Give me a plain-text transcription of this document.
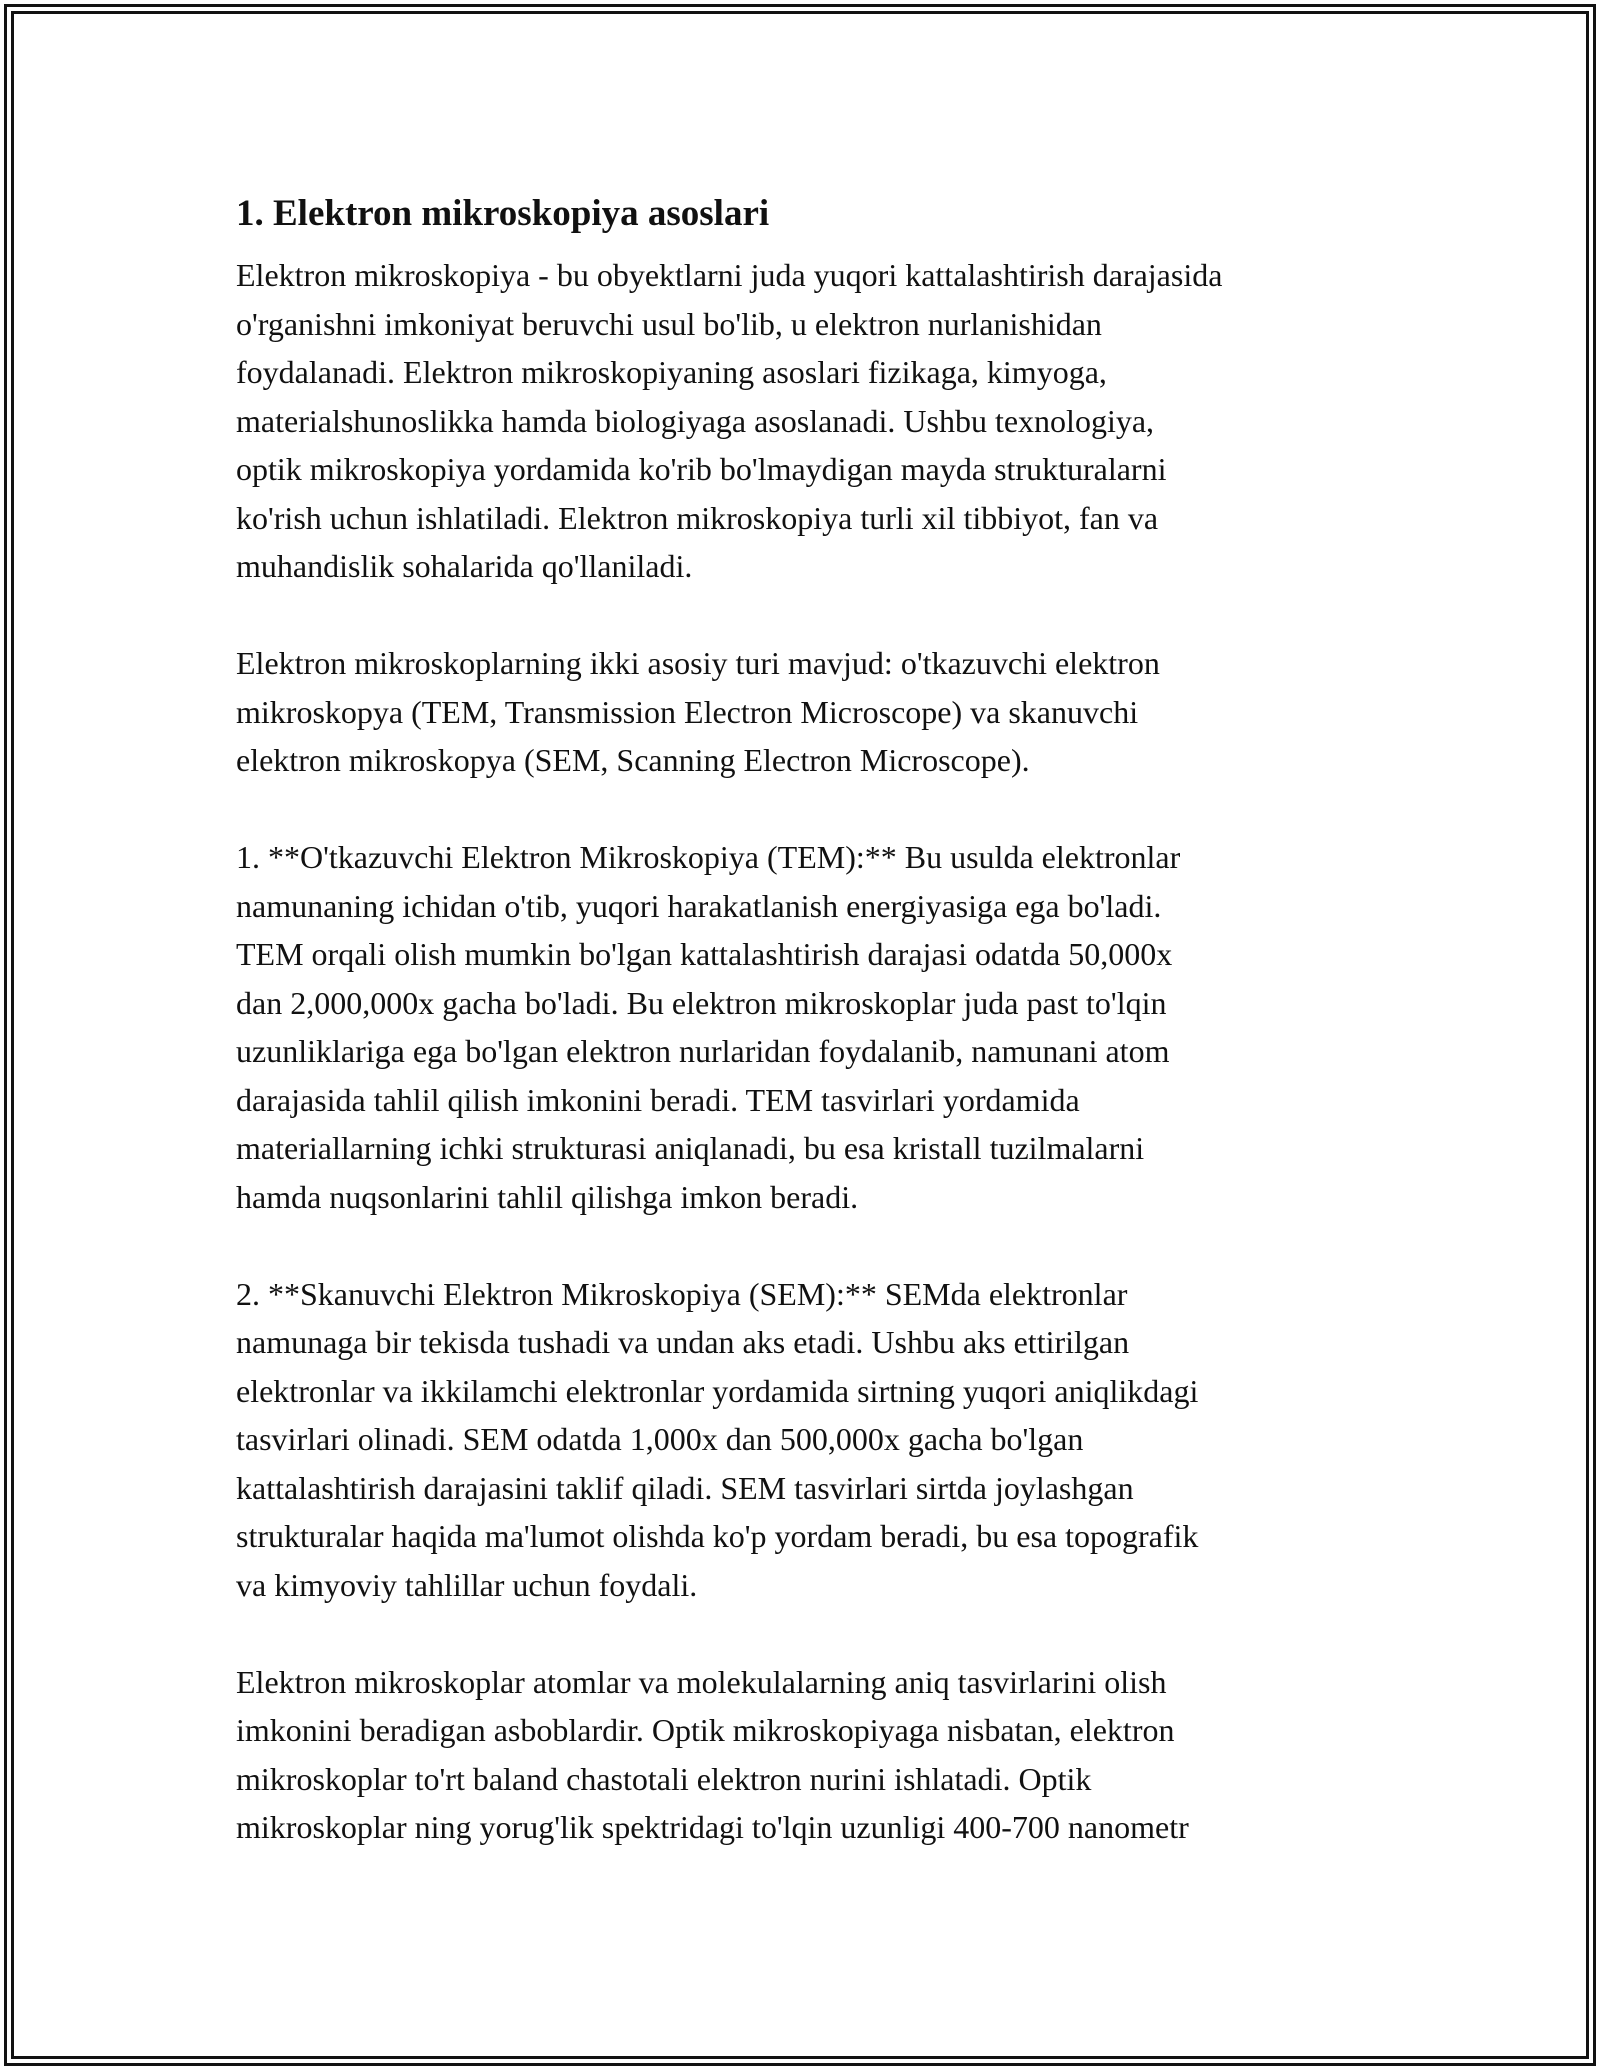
1. Elektron mikroskopiya asoslari

Elektron mikroskopiya - bu obyektlarni juda yuqori kattalashtirish darajasida
o'rganishni imkoniyat beruvchi usul bo'lib, u elektron nurlanishidan
foydalanadi. Elektron mikroskopiyaning asoslari fizikaga, kimyoga,
materialshunoslikka hamda biologiyaga asoslanadi. Ushbu texnologiya,
optik mikroskopiya yordamida ko'rib bo'lmaydigan mayda strukturalarni
ko'rish uchun ishlatiladi. Elektron mikroskopiya turli xil tibbiyot, fan va
muhandislik sohalarida qo'llaniladi.

Elektron mikroskoplarning ikki asosiy turi mavjud: o'tkazuvchi elektron
mikroskopya (TEM, Transmission Electron Microscope) va skanuvchi
elektron mikroskopya (SEM, Scanning Electron Microscope).

1. **O'tkazuvchi Elektron Mikroskopiya (TEM):** Bu usulda elektronlar
namunaning ichidan o'tib, yuqori harakatlanish energiyasiga ega bo'ladi.
TEM orqali olish mumkin bo'lgan kattalashtirish darajasi odatda 50,000x
dan 2,000,000x gacha bo'ladi. Bu elektron mikroskoplar juda past to'lqin
uzunliklariga ega bo'lgan elektron nurlaridan foydalanib, namunani atom
darajasida tahlil qilish imkonini beradi. TEM tasvirlari yordamida
materiallarning ichki strukturasi aniqlanadi, bu esa kristall tuzilmalarni
hamda nuqsonlarini tahlil qilishga imkon beradi.

2. **Skanuvchi Elektron Mikroskopiya (SEM):** SEMda elektronlar
namunaga bir tekisda tushadi va undan aks etadi. Ushbu aks ettirilgan
elektronlar va ikkilamchi elektronlar yordamida sirtning yuqori aniqlikdagi
tasvirlari olinadi. SEM odatda 1,000x dan 500,000x gacha bo'lgan
kattalashtirish darajasini taklif qiladi. SEM tasvirlari sirtda joylashgan
strukturalar haqida ma'lumot olishda ko'p yordam beradi, bu esa topografik
va kimyoviy tahlillar uchun foydali.

Elektron mikroskoplar atomlar va molekulalarning aniq tasvirlarini olish
imkonini beradigan asboblardir. Optik mikroskopiyaga nisbatan, elektron
mikroskoplar to'rt baland chastotali elektron nurini ishlatadi. Optik
mikroskoplar ning yorug'lik spektridagi to'lqin uzunligi 400-700 nanometr
